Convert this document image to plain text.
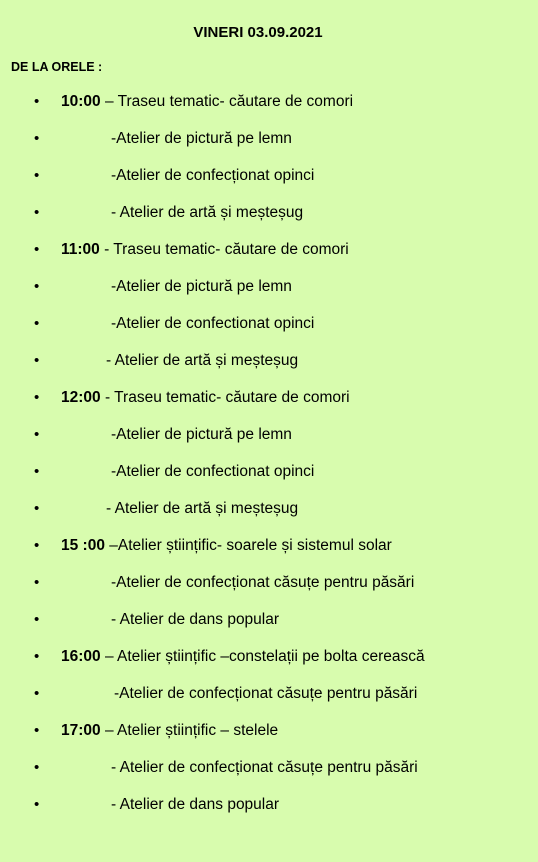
VINERI 03.09.2021
DE LA ORELE :
• 10:00 – Traseu tematic- căutare de comori
•	-Atelier de pictură pe lemn
•	-Atelier de confecționat opinci
•	- Atelier de artă și meșteșug
• 11:00 - Traseu tematic- căutare de comori
•	-Atelier de pictură pe lemn
•	-Atelier de confectionat opinci
•	- Atelier de artă și meșteșug
• 12:00 - Traseu tematic- căutare de comori
•	-Atelier de pictură pe lemn
•	-Atelier de confectionat opinci
•	- Atelier de artă și meșteșug
• 15 :00 –Atelier științific- soarele și sistemul solar
•	-Atelier de confecționat căsuțe pentru păsări
•	- Atelier de dans popular
• 16:00 – Atelier științific –constelații pe bolta cerească
•	-Atelier de confecționat căsuțe pentru păsări
• 17:00 – Atelier științific – stelele
•	- Atelier de confecționat căsuțe pentru păsări
•	- Atelier de dans popular
